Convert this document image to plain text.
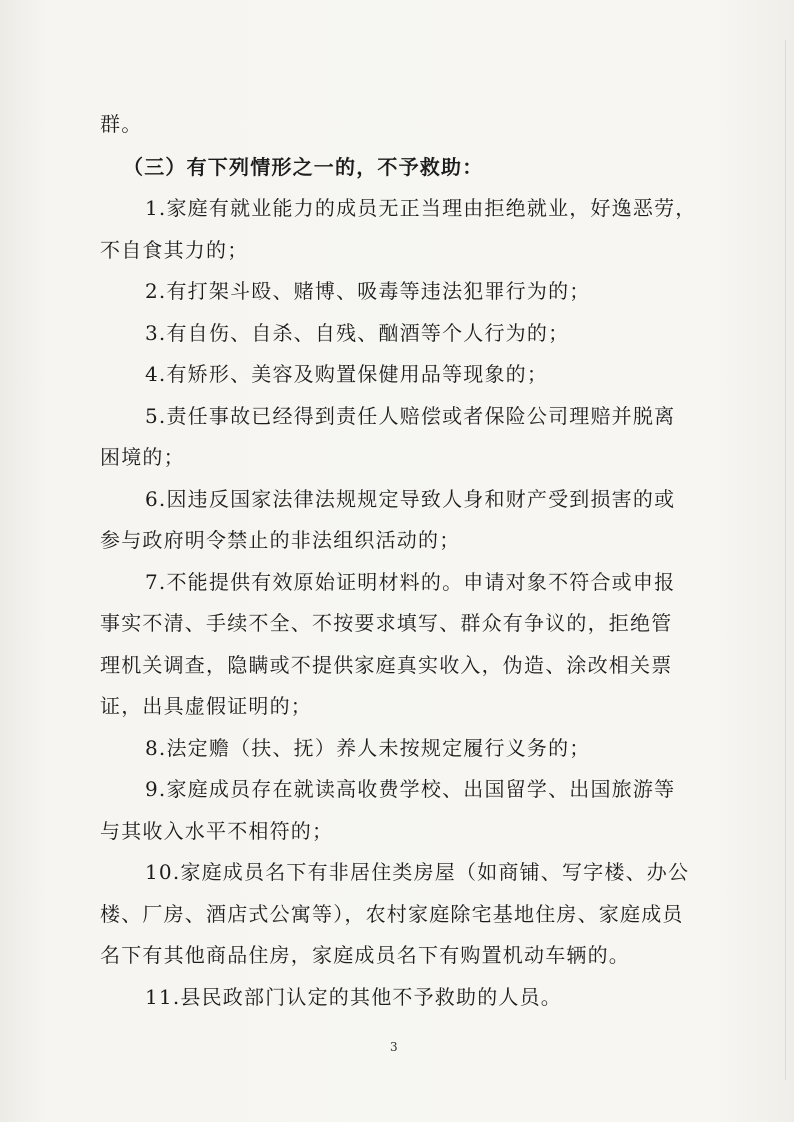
群。
（三）有下列情形之一的，不予救助：
1.家庭有就业能力的成员无正当理由拒绝就业，好逸恶劳，
不自食其力的；
2.有打架斗殴、赌博、吸毒等违法犯罪行为的；
3.有自伤、自杀、自残、酗酒等个人行为的；
4.有矫形、美容及购置保健用品等现象的；
5.责任事故已经得到责任人赔偿或者保险公司理赔并脱离
困境的；
6.因违反国家法律法规规定导致人身和财产受到损害的或
参与政府明令禁止的非法组织活动的；
7.不能提供有效原始证明材料的。申请对象不符合或申报
事实不清、手续不全、不按要求填写、群众有争议的，拒绝管
理机关调查，隐瞒或不提供家庭真实收入，伪造、涂改相关票
证，出具虚假证明的；
8.法定赡（扶、抚）养人未按规定履行义务的；
9.家庭成员存在就读高收费学校、出国留学、出国旅游等
与其收入水平不相符的；
10.家庭成员名下有非居住类房屋（如商铺、写字楼、办公
楼、厂房、酒店式公寓等），农村家庭除宅基地住房、家庭成员
名下有其他商品住房，家庭成员名下有购置机动车辆的。
11.县民政部门认定的其他不予救助的人员。
3
